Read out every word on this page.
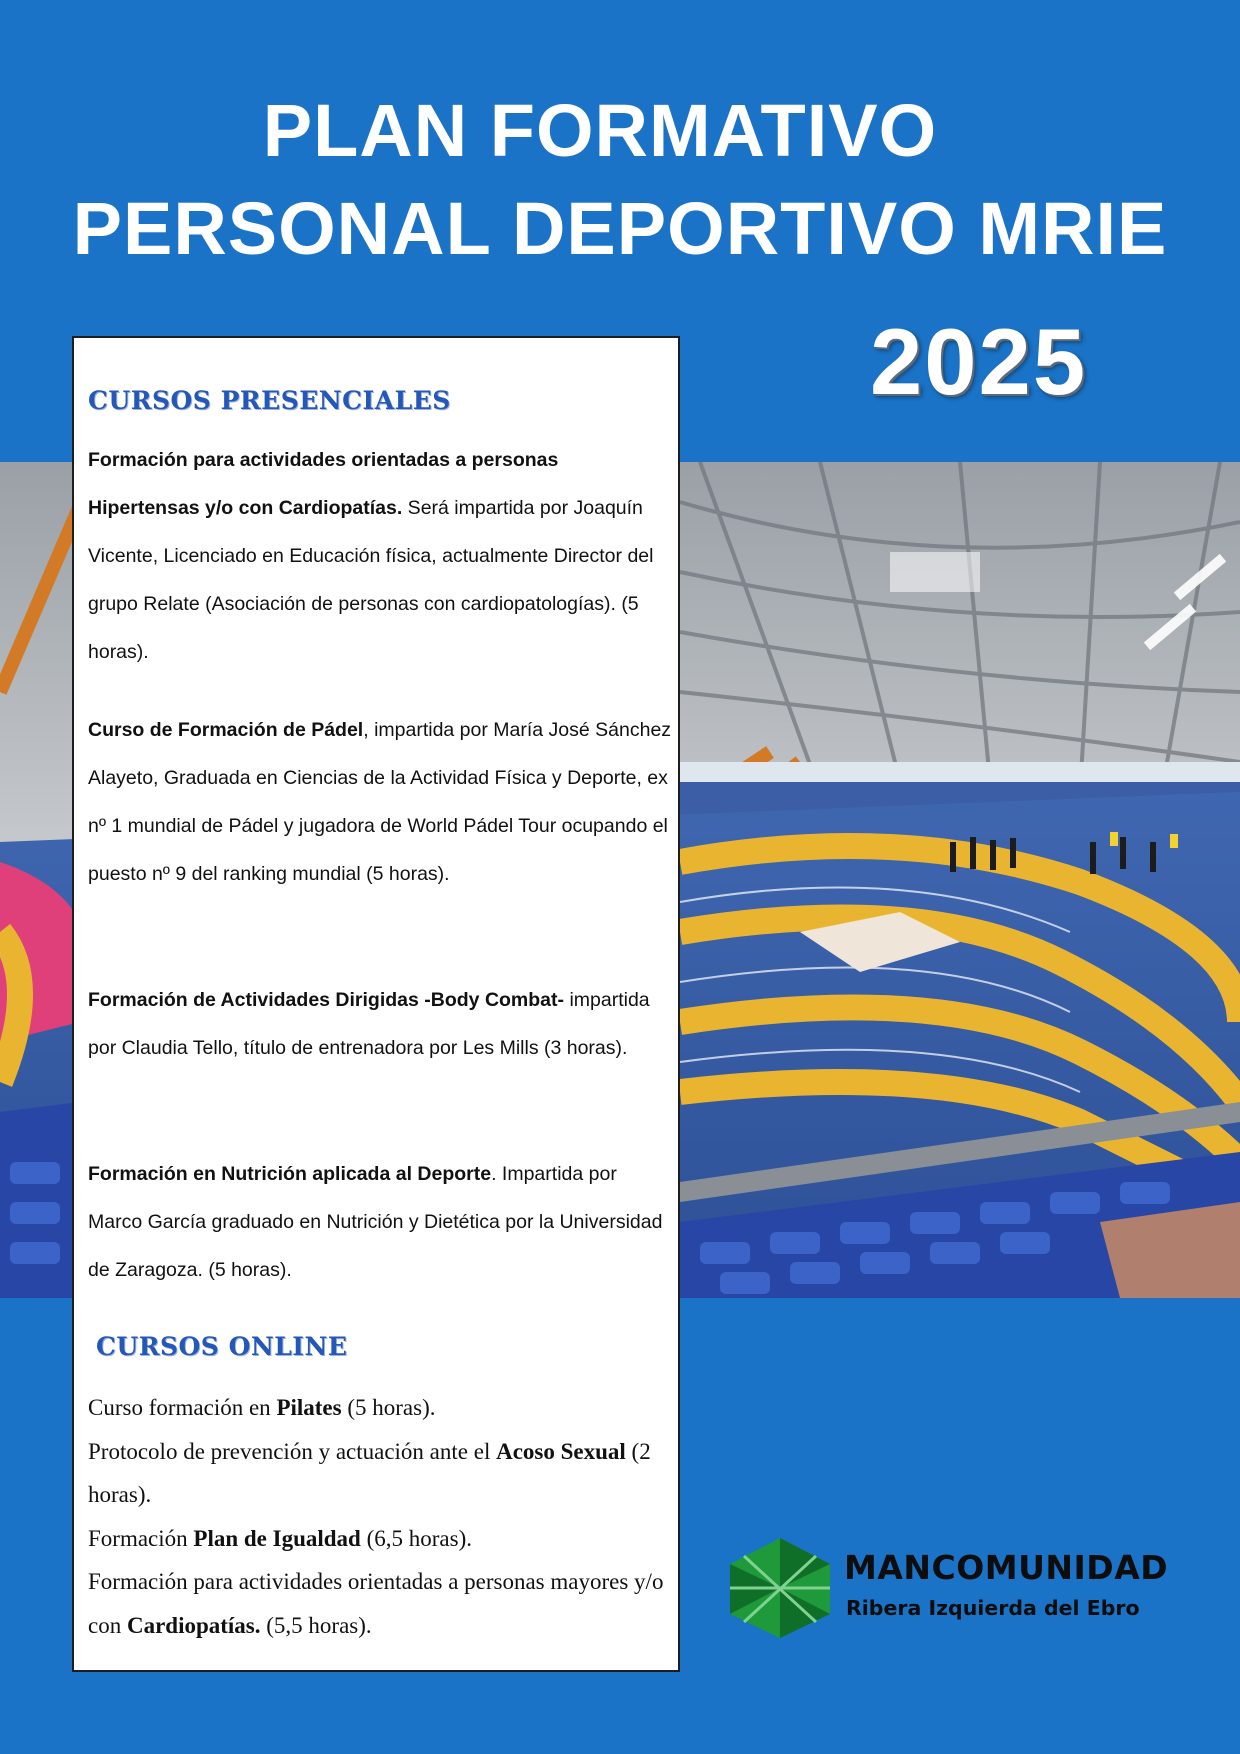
PLAN FORMATIVO
PERSONAL DEPORTIVO MRIE
2025
CURSOS PRESENCIALES
Formación para actividades orientadas a personas Hipertensas y/o con Cardiopatías. Será impartida por Joaquín Vicente, Licenciado en Educación física, actualmente Director del grupo Relate (Asociación de personas con cardiopatologías). (5 horas).
Curso de Formación de Pádel, impartida por María José Sánchez Alayeto, Graduada en Ciencias de la Actividad Física y Deporte, ex nº 1 mundial de Pádel y jugadora de World Pádel Tour ocupando el puesto nº 9 del ranking mundial (5 horas).
Formación de Actividades Dirigidas -Body Combat- impartida por Claudia Tello, título de entrenadora por Les Mills (3 horas).
Formación en Nutrición aplicada al Deporte. Impartida por Marco García graduado en Nutrición y Dietética por la Universidad de Zaragoza. (5 horas).
CURSOS ONLINE
Curso formación en Pilates (5 horas).
Protocolo de prevención y actuación ante el Acoso Sexual (2 horas).
Formación Plan de Igualdad (6,5 horas).
Formación para actividades orientadas a personas mayores y/o con Cardiopatías. (5,5 horas).
MANCOMUNIDAD
Ribera Izquierda del Ebro
